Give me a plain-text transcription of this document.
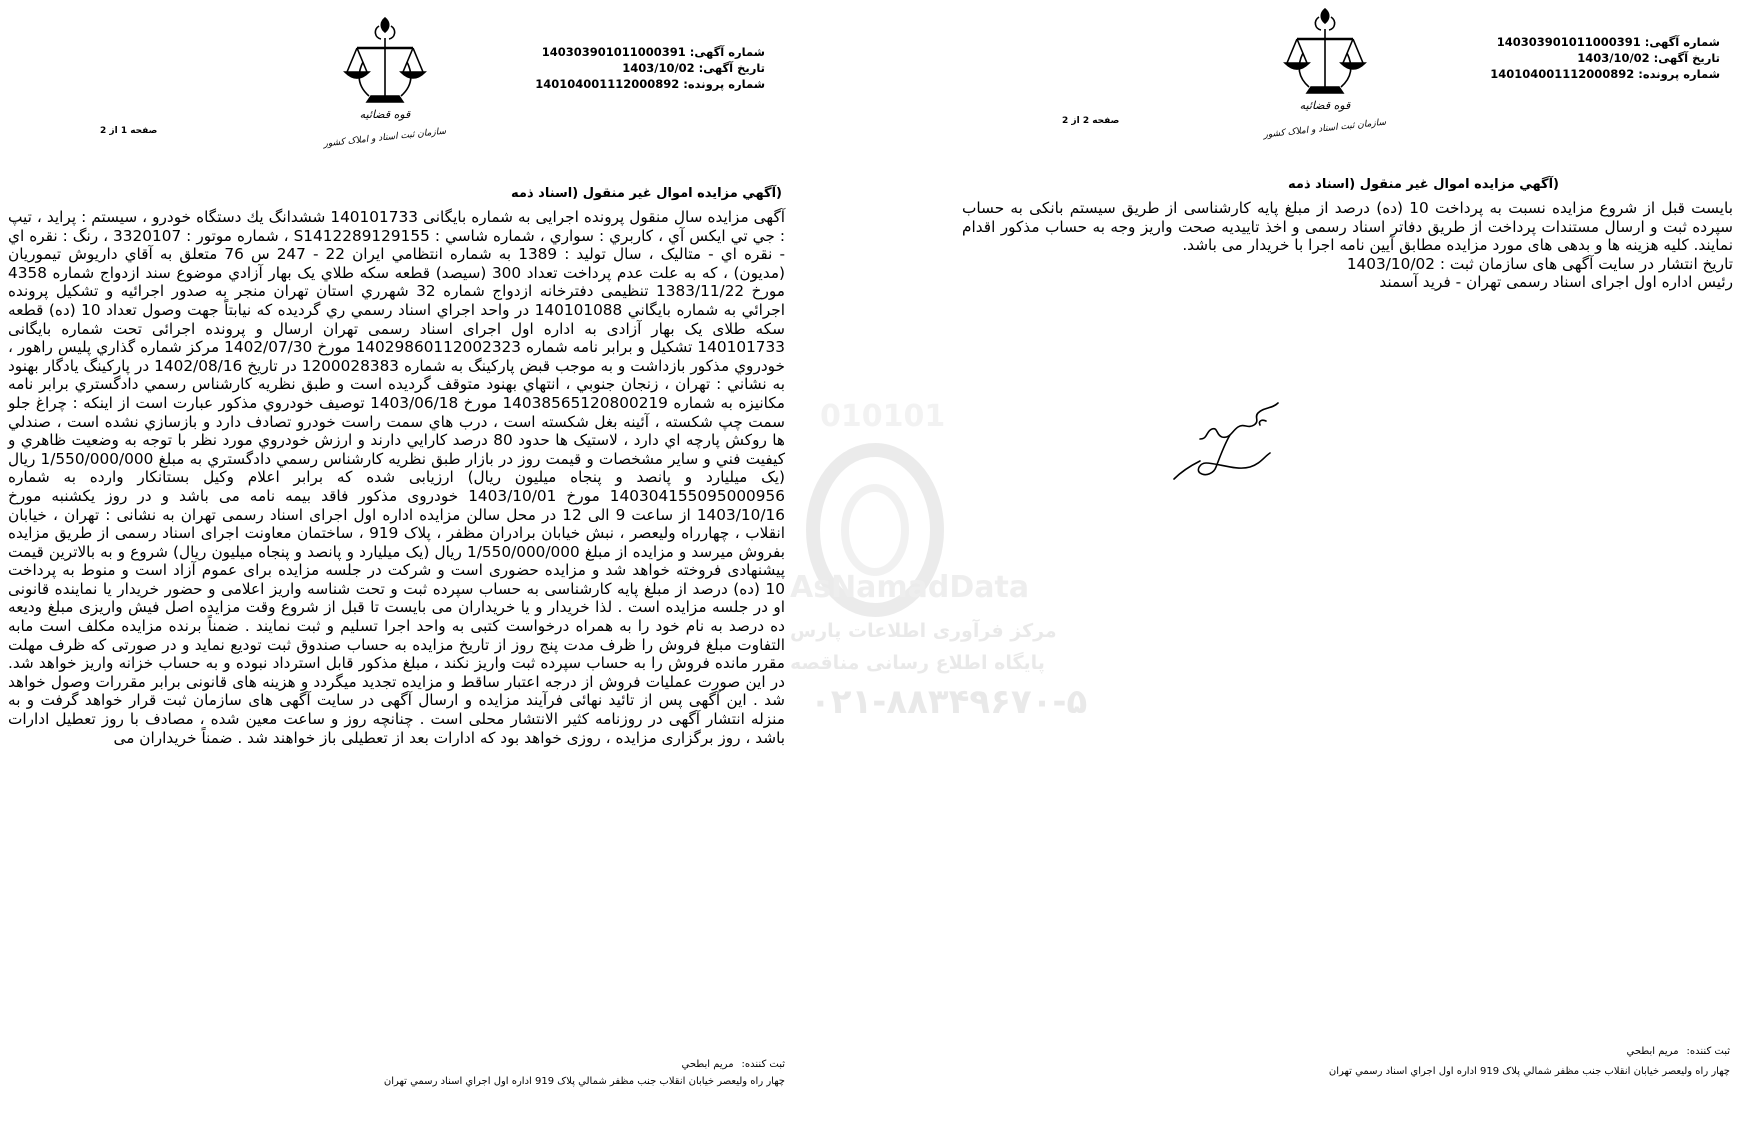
شماره آگهی: 140303901011000391
تاریخ آگهی: 1403/10/02
شماره پرونده: 140104001112000892
قوه قضائیه
سازمان ثبت اسناد و املاک کشور
صفحه 1 از 2
(آگهي مزايده اموال غير منقول (اسناد ذمه
آگهی مزایده سال منقول پرونده اجرایی به شماره بایگانی 140101733 ششدانگ يك دستگاه خودرو ، سيستم : پرايد ، تيپ : جي تي ايكس آي ، كاربري : سواري ، شماره شاسي : S1412289129155 ، شماره موتور : 3320107 ، رنگ : نقره اي - نقره اي - متاليک ، سال توليد : 1389 به شماره انتظامي ايران 22 - 247 س 76 متعلق به آقاي داريوش تيموريان (مديون) ، كه به علت عدم پرداخت تعداد 300 (سيصد) قطعه سکه طلاي يک بهار آزادي موضوع سند ازدواج شماره 4358 مورخ 1383/11/22 تنظيمی دفترخانه ازدواج شماره 32 شهرري استان تهران منجر به صدور اجرائيه و تشكيل پرونده اجرائي به شماره بايگاني 140101088 در واحد اجراي اسناد رسمي ري گرديده كه نيابتاً جهت وصول تعداد 10 (ده) قطعه سکه طلای يک بهار آزادی به اداره اول اجرای اسناد رسمی تهران ارسال و پرونده اجرائی تحت شماره بايگانی 140101733 تشکيل و برابر نامه شماره 14029860112002323 مورخ 1402/07/30 مرکز شماره گذاري پليس راهور ، خودروي مذكور بازداشت و به موجب قبض پاركينگ به شماره 1200028383 در تاريخ 1402/08/16 در پاركينگ يادگار بهنود به نشاني : تهران ، زنجان جنوبي ، انتهاي بهنود متوقف گرديده است و طبق نظريه كارشناس رسمي دادگستري برابر نامه مكانيزه به شماره 14038565120800219 مورخ 1403/06/18 توصيف خودروي مذكور عبارت است از اينكه : چراغ جلو سمت چپ شكسته ، آئينه بغل شكسته است ، درب هاي سمت راست خودرو تصادف دارد و بازسازي نشده است ، صندلي ها روكش پارچه اي دارد ، لاستيک ها حدود 80 درصد كارايي دارند و ارزش خودروي مورد نظر با توجه به وضعيت ظاهري و كيفيت فني و ساير مشخصات و قيمت روز در بازار طبق نظريه كارشناس رسمي دادگستري به مبلغ 1/550/000/000 ريال (يک ميليارد و پانصد و پنجاه ميليون ريال) ارزيابی شده كه برابر اعلام وكيل بستانكار وارده به شماره 140304155095000956 مورخ 1403/10/01 خودروی مذكور فاقد بيمه نامه می باشد و در روز يكشنبه مورخ 1403/10/16 از ساعت 9 الی 12 در محل سالن مزايده اداره اول اجرای اسناد رسمی تهران به نشانی : تهران ، خيابان انقلاب ، چهارراه وليعصر ، نبش خيابان برادران مظفر ، پلاک 919 ، ساختمان معاونت اجرای اسناد رسمی از طريق مزايده بفروش ميرسد و مزايده از مبلغ 1/550/000/000 ريال (يک ميليارد و پانصد و پنجاه ميليون ريال) شروع و به بالاترين قيمت پيشنهادی فروخته خواهد شد و مزايده حضوری است و شركت در جلسه مزايده برای عموم آزاد است و منوط به پرداخت 10 (ده) درصد از مبلغ پايه كارشناسی به حساب سپرده ثبت و تحت شناسه واريز اعلامی و حضور خريدار يا نماينده قانونی او در جلسه مزايده است . لذا خريدار و يا خريداران می بايست تا قبل از شروع وقت مزايده اصل فيش واريزی مبلغ وديعه ده درصد به نام خود را به همراه درخواست كتبی به واحد اجرا تسليم و ثبت نمايند . ضمناً برنده مزايده مكلف است مابه التفاوت مبلغ فروش را ظرف مدت پنج روز از تاريخ مزايده به حساب صندوق ثبت توديع نمايد و در صورتی كه ظرف مهلت مقرر مانده فروش را به حساب سپرده ثبت واريز نكند ، مبلغ مذكور قابل استرداد نبوده و به حساب خزانه واريز خواهد شد. در اين صورت عمليات فروش از درجه اعتبار ساقط و مزايده تجديد ميگردد و هزينه های قانونی برابر مقررات وصول خواهد شد . اين آگهی پس از تائيد نهائی فرآيند مزايده و ارسال آگهی در سايت آگهی های سازمان ثبت قرار خواهد گرفت و به منزله انتشار آگهی در روزنامه كثير الانتشار محلی است . چنانچه روز و ساعت معين شده ، مصادف با روز تعطيل ادارات باشد ، روز برگزاری مزايده ، روزی خواهد بود كه ادارات بعد از تعطيلی باز خواهند شد . ضمناً خريداران می
ثبت کننده:مريم ابطحي
چهار راه وليعصر خيابان انقلاب جنب مظفر شمالي پلاک 919 اداره اول اجراي اسناد رسمي تهران
شماره آگهی: 140303901011000391
تاریخ آگهی: 1403/10/02
شماره پرونده: 140104001112000892
قوه قضائیه
سازمان ثبت اسناد و املاک کشور
صفحه 2 از 2
(آگهي مزايده اموال غير منقول (اسناد ذمه
بايست قبل از شروع مزايده نسبت به پرداخت 10 (ده) درصد از مبلغ پايه كارشناسی از طريق سيستم بانكی به حساب سپرده ثبت و ارسال مستندات پرداخت از طريق دفاتر اسناد رسمی و اخذ تاييديه صحت واريز وجه به حساب مذكور اقدام نمايند. كليه هزينه ها و بدهی های مورد مزايده مطابق آيين نامه اجرا با خريدار می باشد.
تاريخ انتشار در سايت آگهی های سازمان ثبت : 1403/10/02
رئيس اداره اول اجرای اسناد رسمی تهران - فريد آسمند
ثبت کننده:مريم ابطحي
چهار راه وليعصر خيابان انقلاب جنب مظفر شمالي پلاک 919 اداره اول اجراي اسناد رسمي تهران
010101
AsNamadData
مرکز فرآوری اطلاعات پارس
پایگاه اطلاع رسانی مناقصه
۰۲۱-۸۸۳۴۹۶۷۰-۵
